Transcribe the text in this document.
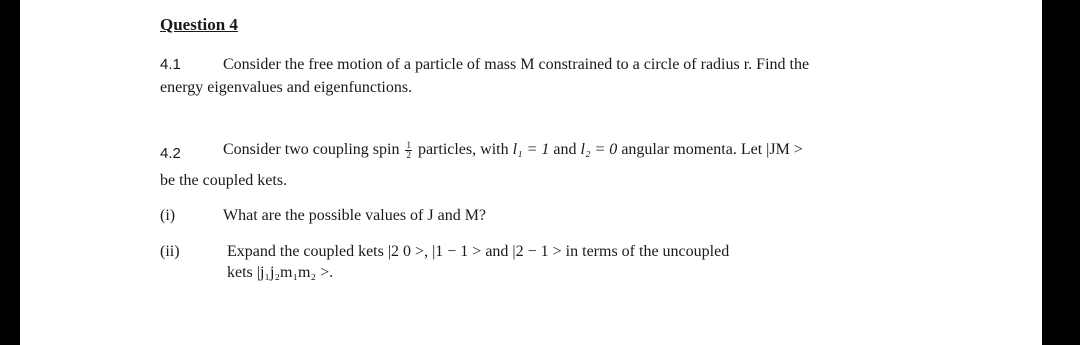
Question 4
4.1	Consider the free motion of a particle of mass M constrained to a circle of radius r. Find the
energy eigenvalues and eigenfunctions.
4.2	Consider two coupling spin $\frac{1}{2}$ particles, with l₁ = 1 and l₂ = 0 angular momenta. Let |JM >
be the coupled kets.
(i)	What are the possible values of J and M?
(ii)	Expand the coupled kets |2 0 >, |1 − 1 > and |2 − 1 > in terms of the uncoupled
kets |j₁j₂m₁m₂ >.
